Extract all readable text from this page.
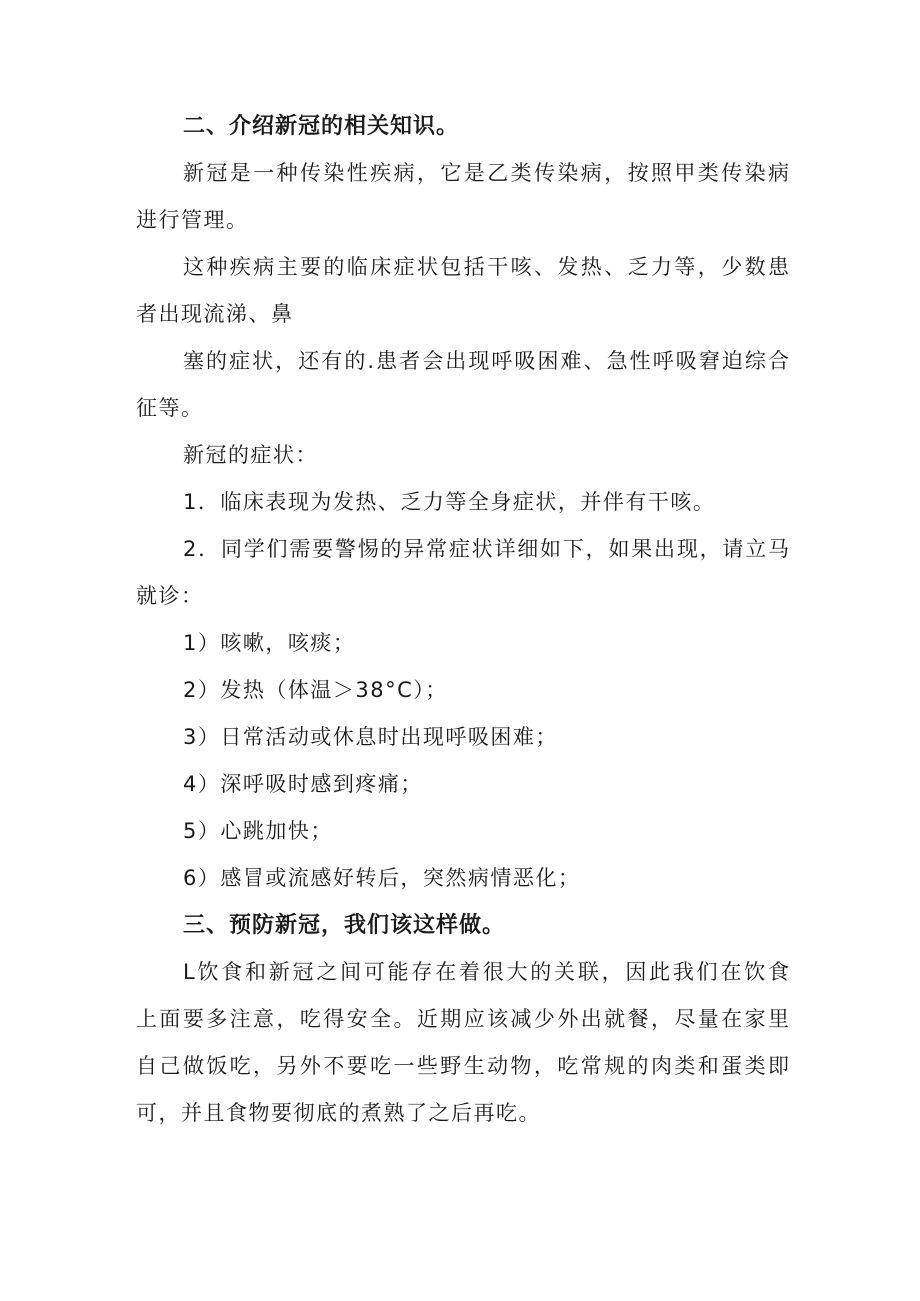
二、介绍新冠的相关知识。

新冠是一种传染性疾病，它是乙类传染病，按照甲类传染病

进行管理。

这种疾病主要的临床症状包括干咳、发热、乏力等，少数患

者出现流涕、鼻

塞的症状，还有的.患者会出现呼吸困难、急性呼吸窘迫综合

征等。

新冠的症状：

1．临床表现为发热、乏力等全身症状，并伴有干咳。

2．同学们需要警惕的异常症状详细如下，如果出现，请立马

就诊：

1）咳嗽，咳痰；

2）发热（体温＞38°C）；

3）日常活动或休息时出现呼吸困难；

4）深呼吸时感到疼痛；

5）心跳加快；

6）感冒或流感好转后，突然病情恶化；

三、预防新冠，我们该这样做。

L饮食和新冠之间可能存在着很大的关联，因此我们在饮食

上面要多注意，吃得安全。近期应该减少外出就餐，尽量在家里

自己做饭吃，另外不要吃一些野生动物，吃常规的肉类和蛋类即

可，并且食物要彻底的煮熟了之后再吃。
